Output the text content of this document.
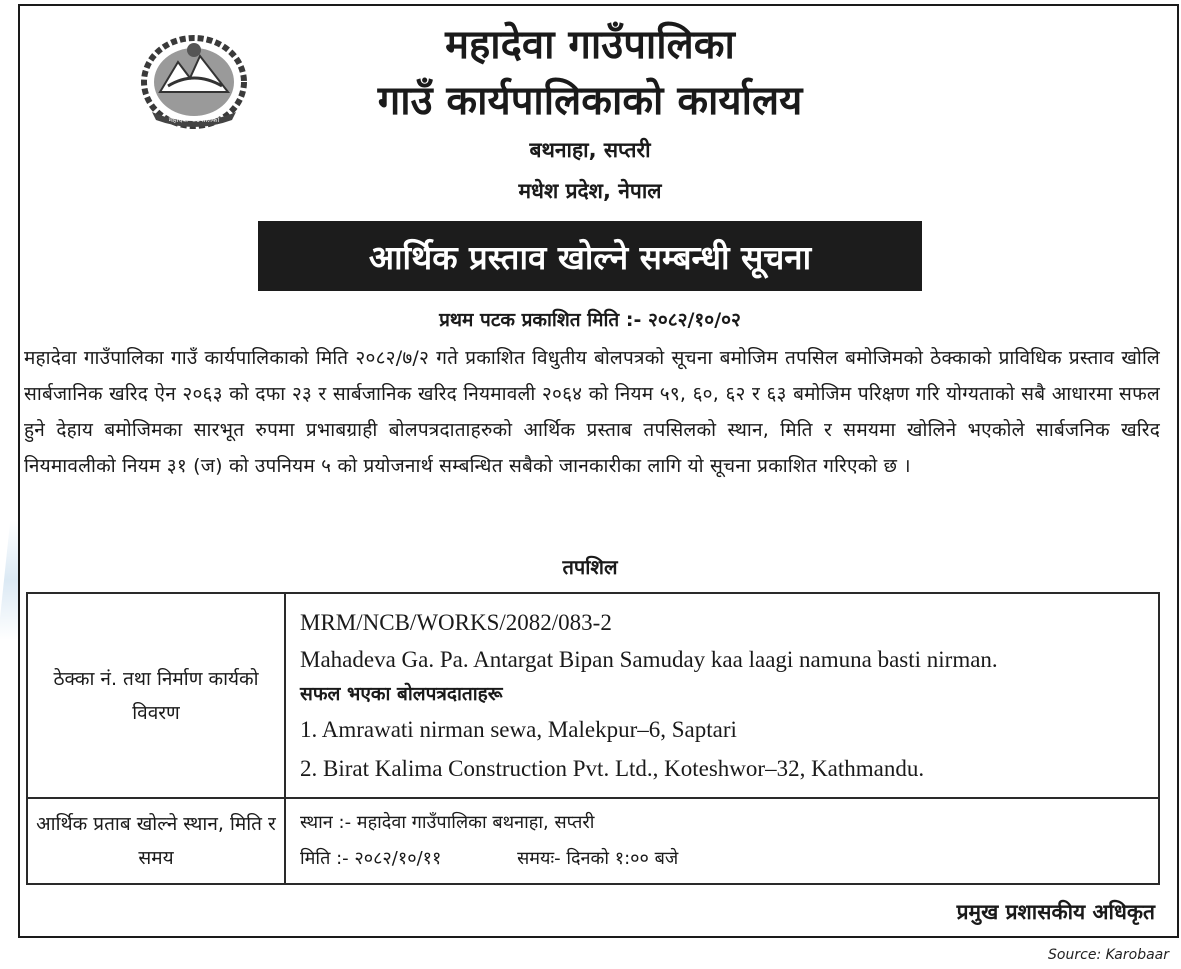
महादेवा गाउँपालिका
महादेवा गाउँपालिका
गाउँ कार्यपालिकाको कार्यालय
बथनाहा, सप्तरी
मधेश प्रदेश, नेपाल
आर्थिक प्रस्ताव खोल्ने सम्बन्धी सूचना
प्रथम पटक प्रकाशित मिति :- २०८२/१०/०२
महादेवा गाउँपालिका गाउँ कार्यपालिकाको मिति २०८२/७/२ गते प्रकाशित विधुतीय बोलपत्रको सूचना बमोजिम तपसिल बमोजिमको ठेक्काको प्राविधिक प्रस्ताव खोलि सार्बजानिक खरिद ऐन २०६३ को दफा २३ र सार्बजानिक खरिद नियमावली २०६४ को नियम ५९, ६०, ६२ र ६३ बमोजिम परिक्षण गरि योग्यताको सबै आधारमा सफल हुने देहाय बमोजिमका सारभूत रुपमा प्रभाबग्राही बोलपत्रदाताहरुको आर्थिक प्रस्ताब तपसिलको स्थान, मिति र समयमा खोलिने भएकोले सार्बजनिक खरिद नियमावलीको नियम ३१ (ज) को उपनियम ५ को प्रयोजनार्थ सम्बन्धित सबैको जानकारीका लागि यो सूचना प्रकाशित गरिएको छ ।
तपशिल
ठेक्का नं. तथा निर्माण कार्यको विवरण	MRM/NCB/WORKS/2082/083-2
Mahadeva Ga. Pa. Antargat Bipan Samuday kaa laagi namuna basti nirman.
सफल भएका बोलपत्रदाताहरू
1. Amrawati nirman sewa, Malekpur–6, Saptari
2. Birat Kalima Construction Pvt. Ltd., Koteshwor–32, Kathmandu.

आर्थिक प्रताब खोल्ने स्थान, मिति र समय	स्थान :- महादेवा गाउँपालिका बथनाहा, सप्तरी
मिति :- २०८२/१०/११ समयः- दिनको १:०० बजे
प्रमुख प्रशासकीय अधिकृत
Source: Karobaar
